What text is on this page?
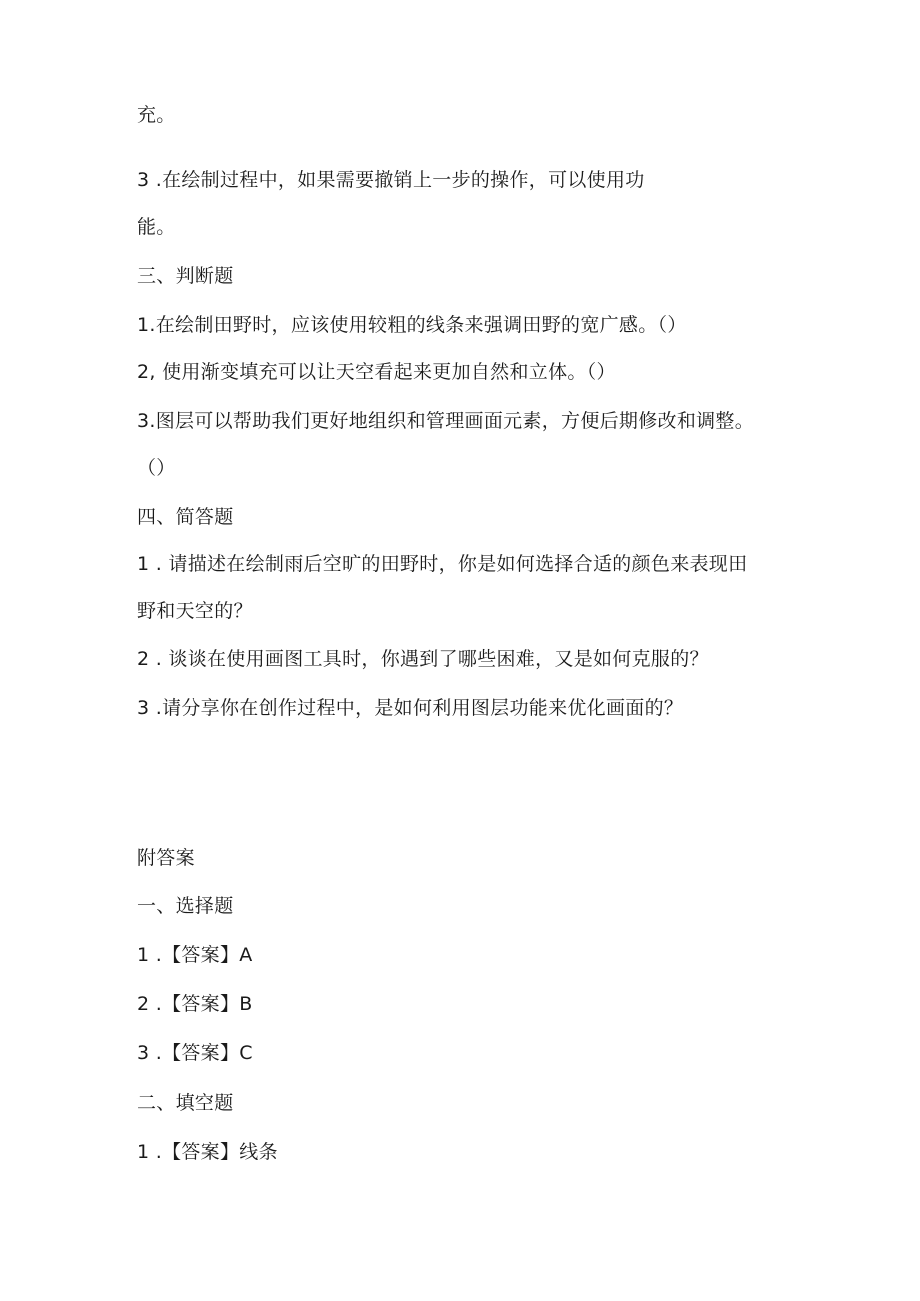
充。
3 .在绘制过程中，如果需要撤销上一步的操作，可以使用功
能。
三、判断题
1.在绘制田野时，应该使用较粗的线条来强调田野的宽广感。（）
2, 使用渐变填充可以让天空看起来更加自然和立体。（）
3.图层可以帮助我们更好地组织和管理画面元素，方便后期修改和调整。
（）
四、简答题
1 . 请描述在绘制雨后空旷的田野时，你是如何选择合适的颜色来表现田
野和天空的？
2 . 谈谈在使用画图工具时，你遇到了哪些困难，又是如何克服的？
3 .请分享你在创作过程中，是如何利用图层功能来优化画面的？
附答案
一、选择题
1 .【答案】A
2 .【答案】B
3 .【答案】C
二、填空题
1 .【答案】线条
